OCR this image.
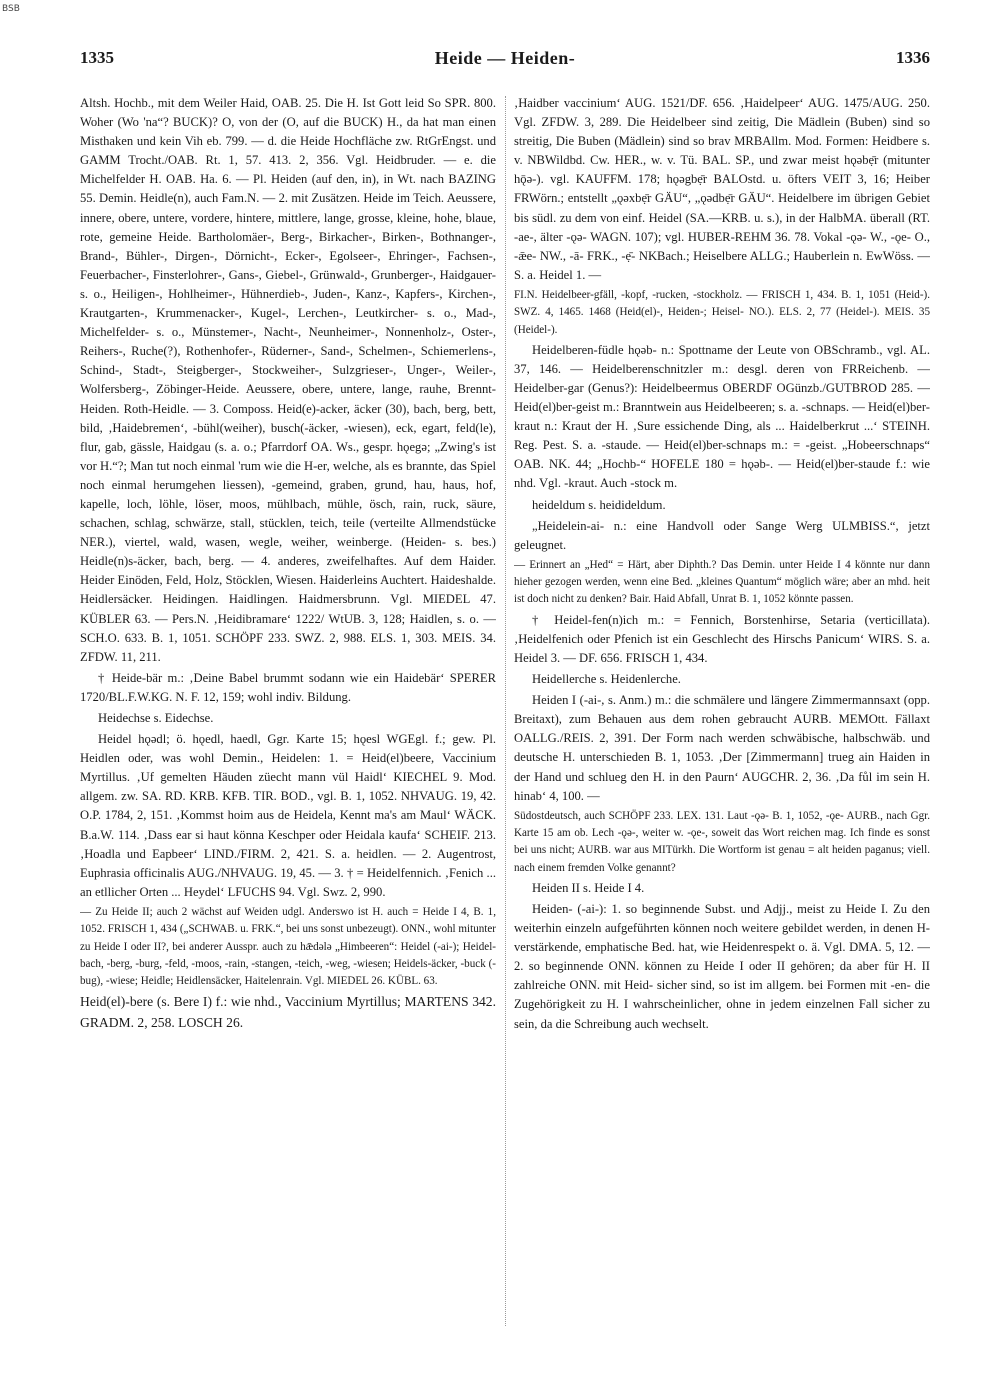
BSB
1335	Heide — Heiden-	1336

Altsh. Hochb., mit dem Weiler Haid, OAB. 25. Die H. Ist Gott leid So SPR. 800. Woher (Wo 'na“? BUCK)? O, von der (O, auf die BUCK) H., da hat man einen Misthaken und kein Vih eb. 799. — d. die Heide Hochfläche zw. RtGrEngst. und GAMM Trocht./OAB. Rt. 1, 57. 413. 2, 356. Vgl. Heidbruder. — e. die Michelfelder H. OAB. Ha. 6. — Pl. Heiden (auf den, in), in Wt. nach BAZING 55. Demin. Heidle(n), auch Fam.N. — 2. mit Zusätzen. Heide im Teich. Aeussere, innere, obere, untere, vordere, hintere, mittlere, lange, grosse, kleine, hohe, blaue, rote, gemeine Heide. Bartholomäer-, Berg-, Birkacher-, Birken-, Bothnanger-, Brand-, Bühler-, Dirgen-, Dörnicht-, Ecker-, Egolseer-, Ehringer-, Fachsen-, Feuerbacher-, Finsterlohrer-, Gans-, Giebel-, Grünwald-, Grunberger-, Haidgauer- s. o., Heiligen-, Hohlheimer-, Hühnerdieb-, Juden-, Kanz-, Kapfers-, Kirchen-, Krautgarten-, Krummenacker-, Kugel-, Lerchen-, Leutkircher- s. o., Mad-, Michelfelder- s. o., Münstemer-, Nacht-, Neunheimer-, Nonnenholz-, Oster-, Reihers-, Ruche(?), Rothenhofer-, Rüderner-, Sand-, Schelmen-, Schiemerlens-, Schind-, Stadt-, Steigberger-, Stockweiher-, Sulzgrieser-, Unger-, Weiler-, Wolfersberg-, Zöbinger-Heide. Aeussere, obere, untere, lange, rauhe, Brennt-Heiden. Roth-Heidle. — 3. Composs. Heid(e)-acker, äcker (30), bach, berg, bett, bild, ‚Haidebremen‘, -bühl(weiher), busch(-äcker, -wiesen), eck, egart, feld(le), flur, gab, gässle, Haidgau (s. a. o.; Pfarrdorf OA. Ws., gespr. hǫegə; „Zwing's ist vor H.“?; Man tut noch einmal 'rum wie die H-er, welche, als es brannte, das Spiel noch einmal herumgehen liessen), -gemeind, graben, grund, hau, haus, hof, kapelle, loch, löhle, löser, moos, mühlbach, mühle, ösch, rain, ruck, säure, schachen, schlag, schwärze, stall, stücklen, teich, teile (verteilte Allmendstücke NER.), viertel, wald, wasen, wegle, weiher, weinberge. (Heiden- s. bes.) Heidle(n)s-äcker, bach, berg. — 4. anderes, zweifelhaftes. Auf dem Haider. Heider Einöden, Feld, Holz, Stöcklen, Wiesen. Haiderleins Auchtert. Haideshalde. Heidlersäcker. Heidingen. Haidlingen. Haidmersbrunn. Vgl. MIEDEL 47. KÜBLER 63. — Pers.N. ‚Heidibramare‘ 1222/ WtUB. 3, 128; Haidlen, s. o. — SCH.O. 633. B. 1, 1051. SCHÖPF 233. SWZ. 2, 988. ELS. 1, 303. MEIS. 34. ZFDW. 11, 211.

† Heide-bär m.: ‚Deine Babel brummt sodann wie ein Haidebär‘ SPERER 1720/BL.F.W.KG. N. F. 12, 159; wohl indiv. Bildung.

Heidechse s. Eidechse.

Heidel hǫədl; ö. hǫedl, haedl, Ggr. Karte 15; hǫesl WGEgl. f.; gew. Pl. Heidlen oder, was wohl Demin., Heidelen: 1. = Heid(el)beere, Vaccinium Myrtillus. ‚Uf gemelten Häuden züecht mann vül Haidl‘ KIECHEL 9. Mod. allgem. zw. SA. RD. KRB. KFB. TIR. BOD., vgl. B. 1, 1052. NHVAUG. 19, 42. O.P. 1784, 2, 151. ‚Kommst hoim aus de Heidela, Kennt ma's am Maul‘ WÄCK. B.a.W. 114. ‚Dass ear si haut könna Keschper oder Heidala kaufa‘ SCHEIF. 213. ‚Hoadla und Eapbeer‘ LIND./FIRM. 2, 421. S. a. heidlen. — 2. Augentrost, Euphrasia officinalis AUG./NHVAUG. 19, 45. — 3. † = Heidelfennich. ‚Fenich ... an etllicher Orten ... Heydel‘ LFUCHS 94. Vgl. Swz. 2, 990.

— Zu Heide II; auch 2 wächst auf Weiden udgl. Anderswo ist H. auch = Heide I 4, B. 1, 1052. FRISCH 1, 434 („SCHWAB. u. FRK.“, bei uns sonst unbezeugt). ONN., wohl mitunter zu Heide I oder II?, bei anderer Ausspr. auch zu hǣdələ „Himbeeren“: Heidel (-ai-); Heidel-bach, -berg, -burg, -feld, -moos, -rain, -stangen, -teich, -weg, -wiesen; Heidels-äcker, -buck (-bug), -wiese; Heidle; Heidlensäcker, Haitelenrain. Vgl. MIEDEL 26. KÜBL. 63.

Heid(el)-bere (s. Bere I) f.: wie nhd., Vaccinium Myrtillus; MARTENS 342. GRADM. 2, 258. LOSCH 26.

‚Haidber vaccinium‘ AUG. 1521/DF. 656. ‚Haidelpeer‘ AUG. 1475/AUG. 250. Vgl. ZFDW. 3, 289. Die Heidelbeer sind zeitig, Die Mädlein (Buben) sind so streitig, Die Buben (Mädlein) sind so brav MRBAllm. Mod. Formen: Heidbere s. v. NBWildbd. Cw. HER., w. v. Tü. BAL. SP., und zwar meist hǫəbẹ̄r (mitunter hǭə-). vgl. KAUFFM. 178; hǫəgbẹ̄r BALOstd. u. öfters VEIT 3, 16; Heiber FRWörn.; entstellt „ǫəxbẹ̄r GÄU“, „ǫədbẹ̄r GÄU“. Heidelbere im übrigen Gebiet bis südl. zu dem von einf. Heidel (SA.—KRB. u. s.), in der HalbMA. überall (RT. -ae-, älter -ǫə- WAGN. 107); vgl. HUBER-REHM 36. 78. Vokal -ǫə- W., -ǫe- O., -ǣe- NW., -ā- FRK., -ẹ̄- NKBach.; Heiselbere ALLG.; Hauberlein n. EwWöss. — S. a. Heidel 1. —

FI.N. Heidelbeer-gfäll, -kopf, -rucken, -stockholz. — FRISCH 1, 434. B. 1, 1051 (Heid-). SWZ. 4, 1465. 1468 (Heid(el)-, Heiden-; Heisel- NO.). ELS. 2, 77 (Heidel-). MEIS. 35 (Heidel-).

Heidelberen-füdle hǫəb- n.: Spottname der Leute von OBSchramb., vgl. AL. 37, 146. — Heidelberenschnitzler m.: desgl. deren von FRReichenb. — Heidelber-gar (Genus?): Heidelbeermus OBERDF OGünzb./GUTBROD 285. — Heid(el)ber-geist m.: Branntwein aus Heidelbeeren; s. a. -schnaps. — Heid(el)ber-kraut n.: Kraut der H. ‚Sure essichende Ding, als ... Haidelberkrut ...‘ STEINH. Reg. Pest. S. a. -staude. — Heid(el)ber-schnaps m.: = -geist. „Hobeerschnaps“ OAB. NK. 44; „Hochb-“ HOFELE 180 = hǫəb-. — Heid(el)ber-staude f.: wie nhd. Vgl. -kraut. Auch -stock m.

heideldum s. heidideldum.

„Heidelein-ai- n.: eine Handvoll oder Sange Werg ULMBISS.“, jetzt geleugnet.

— Erinnert an „Hed“ = Härt, aber Diphth.? Das Demin. unter Heide I 4 könnte nur dann hieher gezogen werden, wenn eine Bed. „kleines Quantum“ möglich wäre; aber an mhd. heit ist doch nicht zu denken? Bair. Haid Abfall, Unrat B. 1, 1052 könnte passen.

† Heidel-fen(n)ich m.: = Fennich, Borstenhirse, Setaria (verticillata). ‚Heidelfenich oder Pfenich ist ein Geschlecht des Hirschs Panicum‘ WIRS. S. a. Heidel 3. — DF. 656. FRISCH 1, 434.

Heidellerche s. Heidenlerche.

Heiden I (-ai-, s. Anm.) m.: die schmälere und längere Zimmermannsaxt (opp. Breitaxt), zum Behauen aus dem rohen gebraucht AURB. MEMOtt. Fällaxt OALLG./REIS. 2, 391. Der Form nach werden schwäbische, halbschwäb. und deutsche H. unterschieden B. 1, 1053. ‚Der [Zimmermann] trueg ain Haiden in der Hand und schlueg den H. in den Paurn‘ AUGCHR. 2, 36. ‚Da fůl im sein H. hinab‘ 4, 100. —

Südostdeutsch, auch SCHÖPF 233. LEX. 131. Laut -ǫə- B. 1, 1052, -ǫe- AURB., nach Ggr. Karte 15 am ob. Lech -ǫə-, weiter w. -ǫe-, soweit das Wort reichen mag. Ich finde es sonst bei uns nicht; AURB. war aus MITürkh. Die Wortform ist genau = alt heiden paganus; viell. nach einem fremden Volke genannt?

Heiden II s. Heide I 4.

Heiden- (-ai-): 1. so beginnende Subst. und Adjj., meist zu Heide I. Zu den weiterhin einzeln aufgeführten können noch weitere gebildet werden, in denen H- verstärkende, emphatische Bed. hat, wie Heidenrespekt o. ä. Vgl. DMA. 5, 12. — 2. so beginnende ONN. können zu Heide I oder II gehören; da aber für H. II zahlreiche ONN. mit Heid- sicher sind, so ist im allgem. bei Formen mit -en- die Zugehörigkeit zu H. I wahrscheinlicher, ohne in jedem einzelnen Fall sicher zu sein, da die Schreibung auch wechselt.
